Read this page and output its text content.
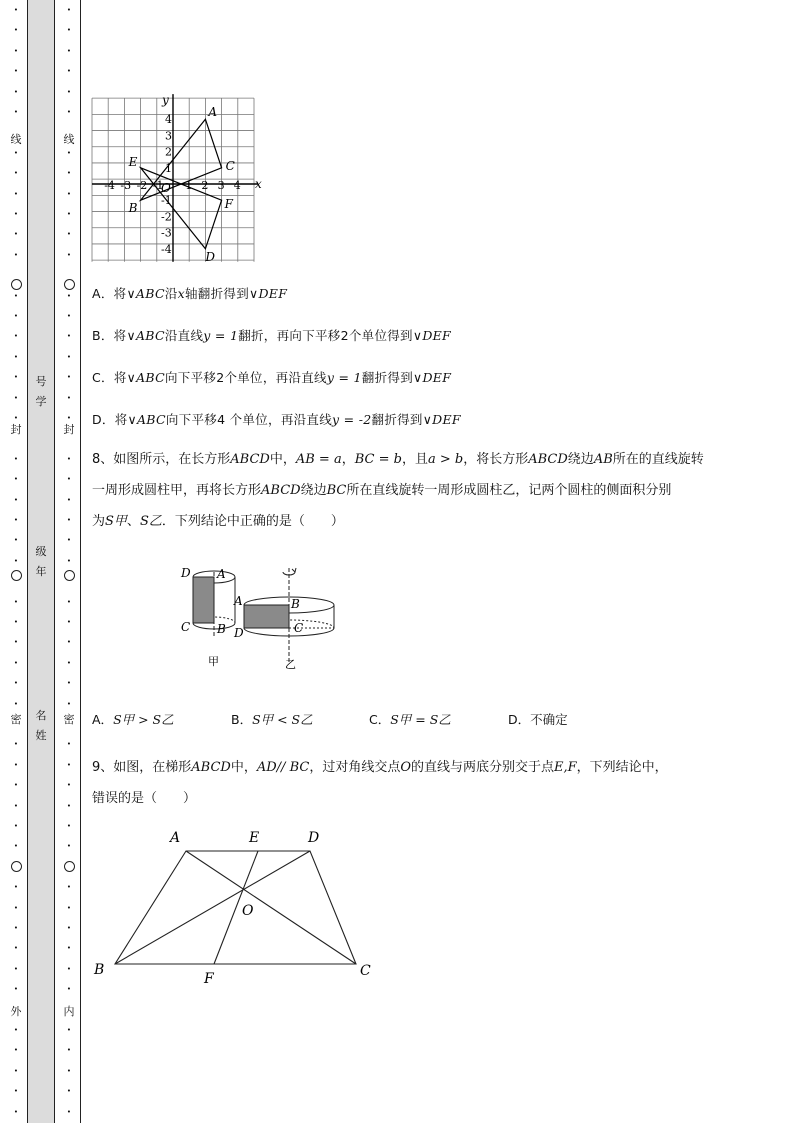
•
•
•
•
•
•
•
•
•
•
•
•
•
•
•
•
•
•
•
•
•
•
•
•
•
•
•
•
•
•
•
•
•
•
•
•
•
•
•
•
•
•
•
•
•
•
•
•
线
封
密
外
•
•
•
•
•
•
•
•
•
•
•
•
•
•
•
•
•
•
•
•
•
•
•
•
•
•
•
•
•
•
•
•
•
•
•
•
•
•
•
•
•
•
•
•
•
•
•
•
线
封
密
内
号学
级年
名姓
-4 -3 -2 -1 1 2 3 4
4
3
2
1
-1
-2
-3
-4
x
y
O
A
B
C
D
E
F
A．将∨ABC沿x轴翻折得到∨DEF
B．将∨ABC沿直线y = 1翻折，再向下平移2个单位得到∨DEF
C．将∨ABC向下平移2个单位，再沿直线y = 1翻折得到∨DEF
D．将∨ABC向下平移4 个单位，再沿直线y = -2翻折得到∨DEF

8、如图所示，在长方形ABCD中，AB = a，BC = b，且a > b，将长方形ABCD绕边AB所在的直线旋转

一周形成圆柱甲，再将长方形ABCD绕边BC所在直线旋转一周形成圆柱乙，记两个圆柱的侧面积分别

为S甲、S乙．下列结论中正确的是（　　）

D A
C B
甲
A	B
D	C
乙
A．S甲 > S乙	B．S甲 < S乙	C．S甲 = S乙	D．不确定

9、如图，在梯形ABCD中，AD// BC，过对角线交点O的直线与两底分别交于点E,F，下列结论中，

错误的是（　　）

A	E	D
O
B
F	C
